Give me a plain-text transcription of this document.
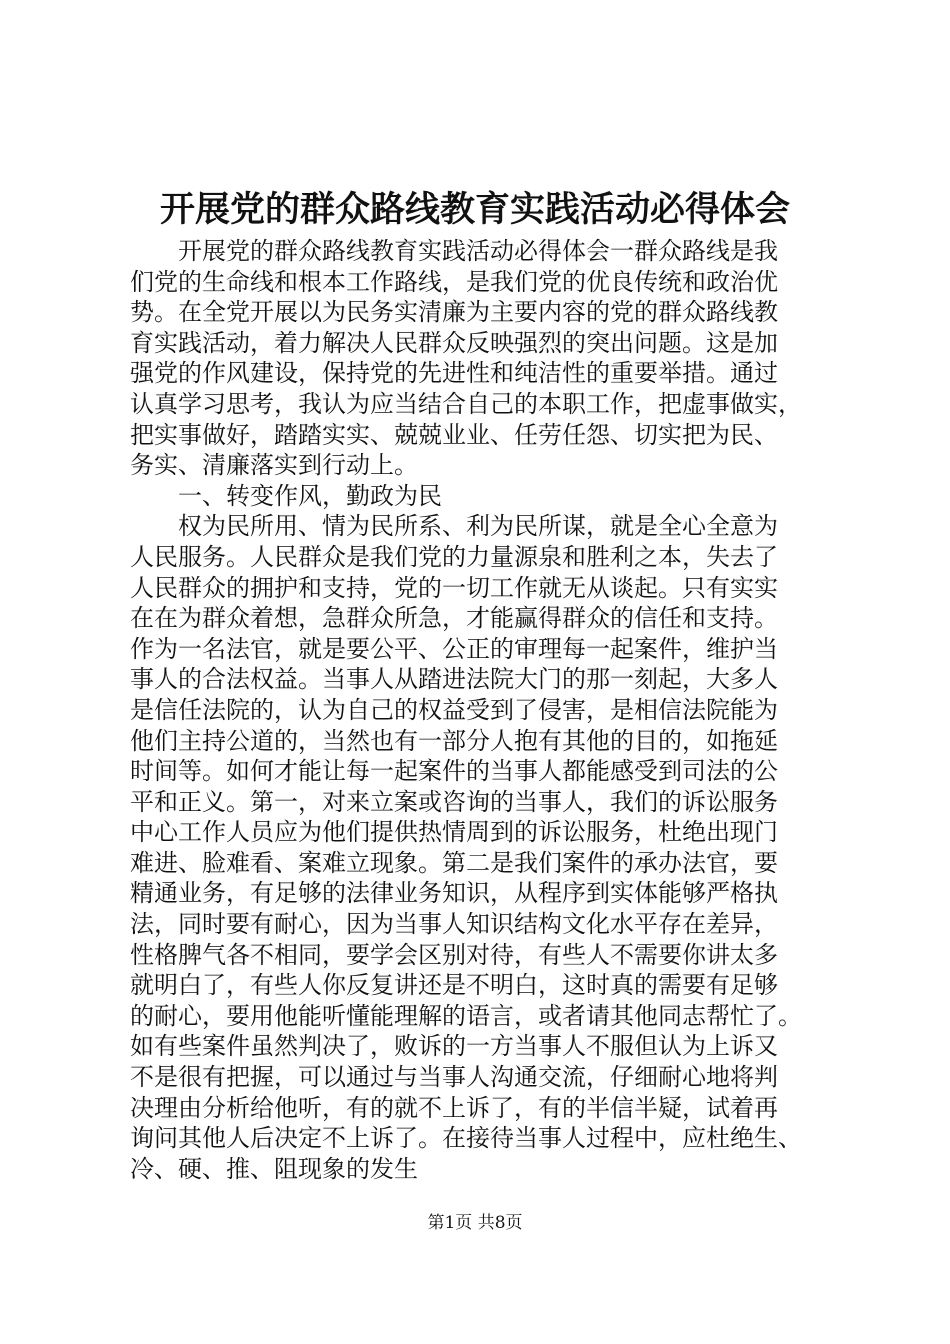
开展党的群众路线教育实践活动必得体会
　　开展党的群众路线教育实践活动必得体会一群众路线是我
们党的生命线和根本工作路线，是我们党的优良传统和政治优
势。在全党开展以为民务实清廉为主要内容的党的群众路线教
育实践活动，着力解决人民群众反映强烈的突出问题。这是加
强党的作风建设，保持党的先进性和纯洁性的重要举措。通过
认真学习思考，我认为应当结合自己的本职工作，把虚事做实，
把实事做好，踏踏实实、兢兢业业、任劳任怨、切实把为民、
务实、清廉落实到行动上。
　　一、转变作风，勤政为民
　　权为民所用、情为民所系、利为民所谋，就是全心全意为
人民服务。人民群众是我们党的力量源泉和胜利之本，失去了
人民群众的拥护和支持，党的一切工作就无从谈起。只有实实
在在为群众着想，急群众所急，才能赢得群众的信任和支持。
作为一名法官，就是要公平、公正的审理每一起案件，维护当
事人的合法权益。当事人从踏进法院大门的那一刻起，大多人
是信任法院的，认为自己的权益受到了侵害，是相信法院能为
他们主持公道的，当然也有一部分人抱有其他的目的，如拖延
时间等。如何才能让每一起案件的当事人都能感受到司法的公
平和正义。第一，对来立案或咨询的当事人，我们的诉讼服务
中心工作人员应为他们提供热情周到的诉讼服务，杜绝出现门
难进、脸难看、案难立现象。第二是我们案件的承办法官，要
精通业务，有足够的法律业务知识，从程序到实体能够严格执
法，同时要有耐心，因为当事人知识结构文化水平存在差异，
性格脾气各不相同，要学会区别对待，有些人不需要你讲太多
就明白了，有些人你反复讲还是不明白，这时真的需要有足够
的耐心，要用他能听懂能理解的语言，或者请其他同志帮忙了。
如有些案件虽然判决了，败诉的一方当事人不服但认为上诉又
不是很有把握，可以通过与当事人沟通交流，仔细耐心地将判
决理由分析给他听，有的就不上诉了，有的半信半疑，试着再
询问其他人后决定不上诉了。在接待当事人过程中，应杜绝生、
冷、硬、推、阻现象的发生
第1页 共8页
